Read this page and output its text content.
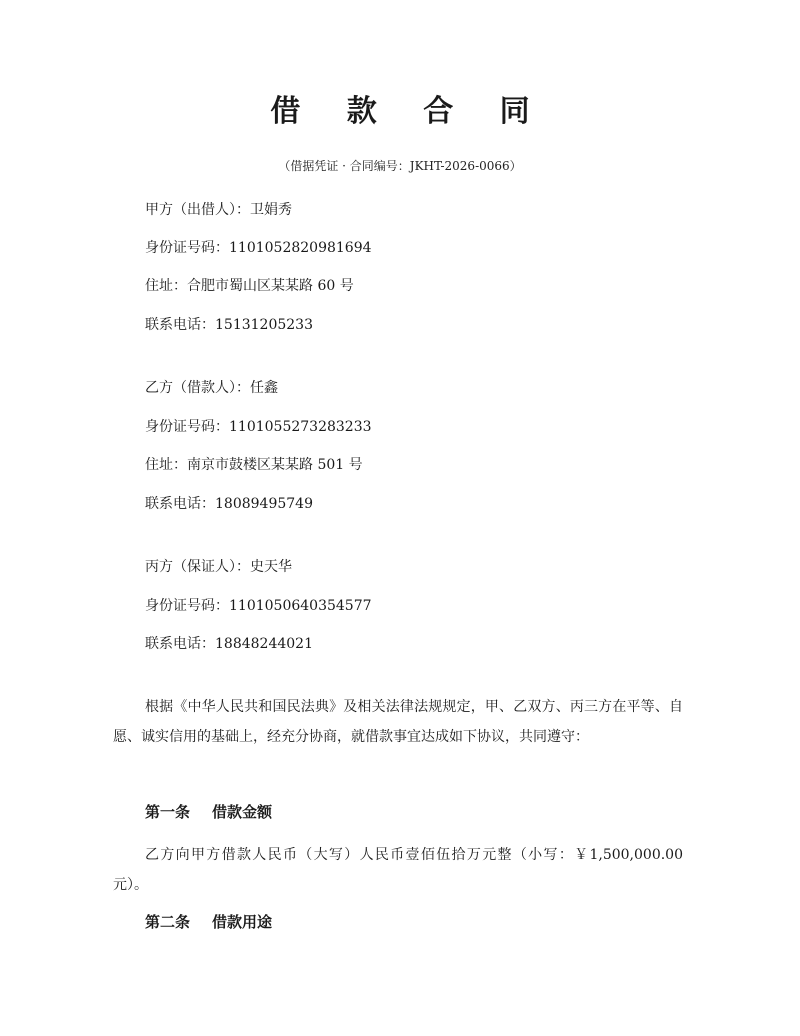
借 款 合 同
（借据凭证 · 合同编号：JKHT-2026-0066）
甲方（出借人）：卫娟秀
身份证号码：1101052820981694
住址：合肥市蜀山区某某路 60 号
联系电话：15131205233
乙方（借款人）：任鑫
身份证号码：1101055273283233
住址：南京市鼓楼区某某路 501 号
联系电话：18089495749
丙方（保证人）：史天华
身份证号码：1101050640354577
联系电话：18848244021

根据《中华人民共和国民法典》及相关法律法规规定，甲、乙双方、丙三方在平等、自愿、诚实信用的基础上，经充分协商，就借款事宜达成如下协议，共同遵守：

第一条 借款金额

乙方向甲方借款人民币（大写）人民币壹佰伍拾万元整（小写：￥1,500,000.00 元）。

第二条 借款用途
